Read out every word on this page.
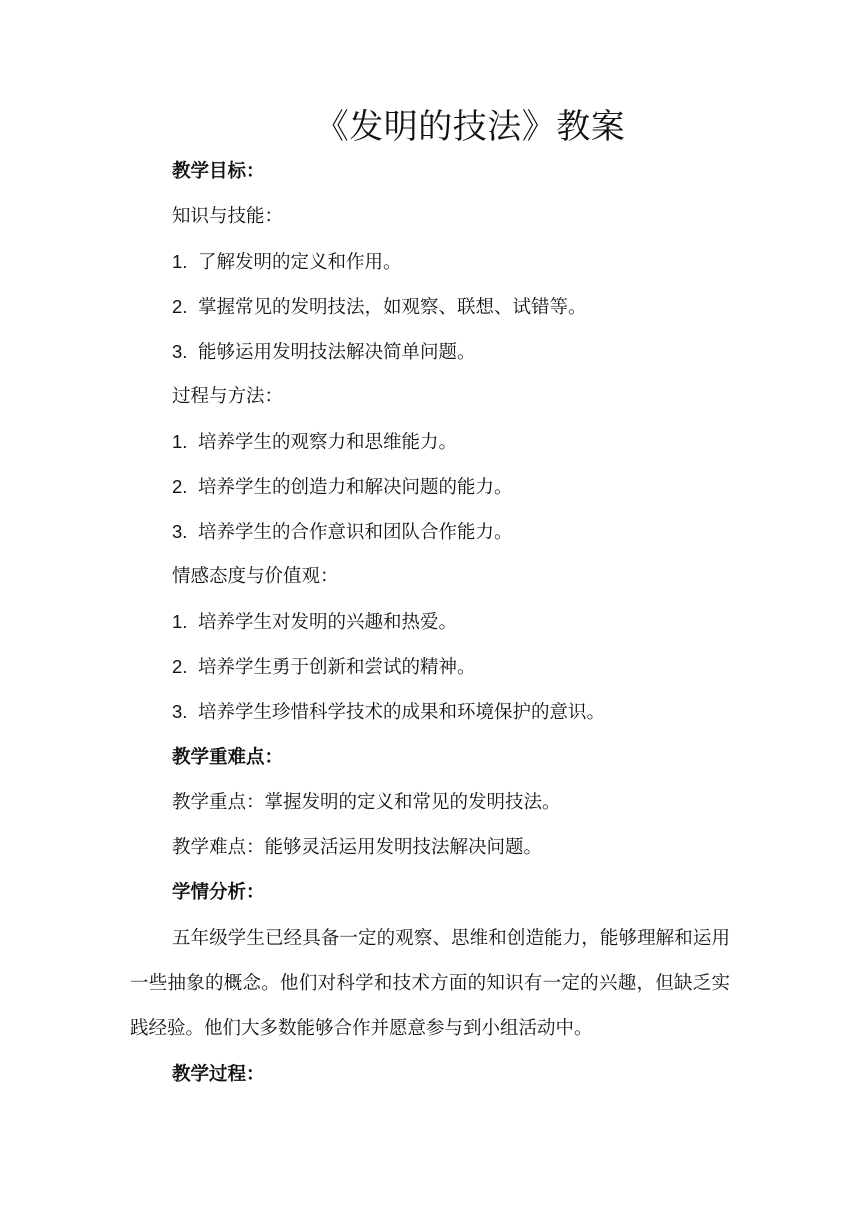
《发明的技法》教案
教学目标：
知识与技能：
1. 了解发明的定义和作用。
2. 掌握常见的发明技法，如观察、联想、试错等。
3. 能够运用发明技法解决简单问题。
过程与方法：
1. 培养学生的观察力和思维能力。
2. 培养学生的创造力和解决问题的能力。
3. 培养学生的合作意识和团队合作能力。
情感态度与价值观：
1. 培养学生对发明的兴趣和热爱。
2. 培养学生勇于创新和尝试的精神。
3. 培养学生珍惜科学技术的成果和环境保护的意识。
教学重难点：
教学重点：掌握发明的定义和常见的发明技法。
教学难点：能够灵活运用发明技法解决问题。
学情分析：
五年级学生已经具备一定的观察、思维和创造能力，能够理解和运用一些抽象的概念。他们对科学和技术方面的知识有一定的兴趣，但缺乏实践经验。他们大多数能够合作并愿意参与到小组活动中。
教学过程：
